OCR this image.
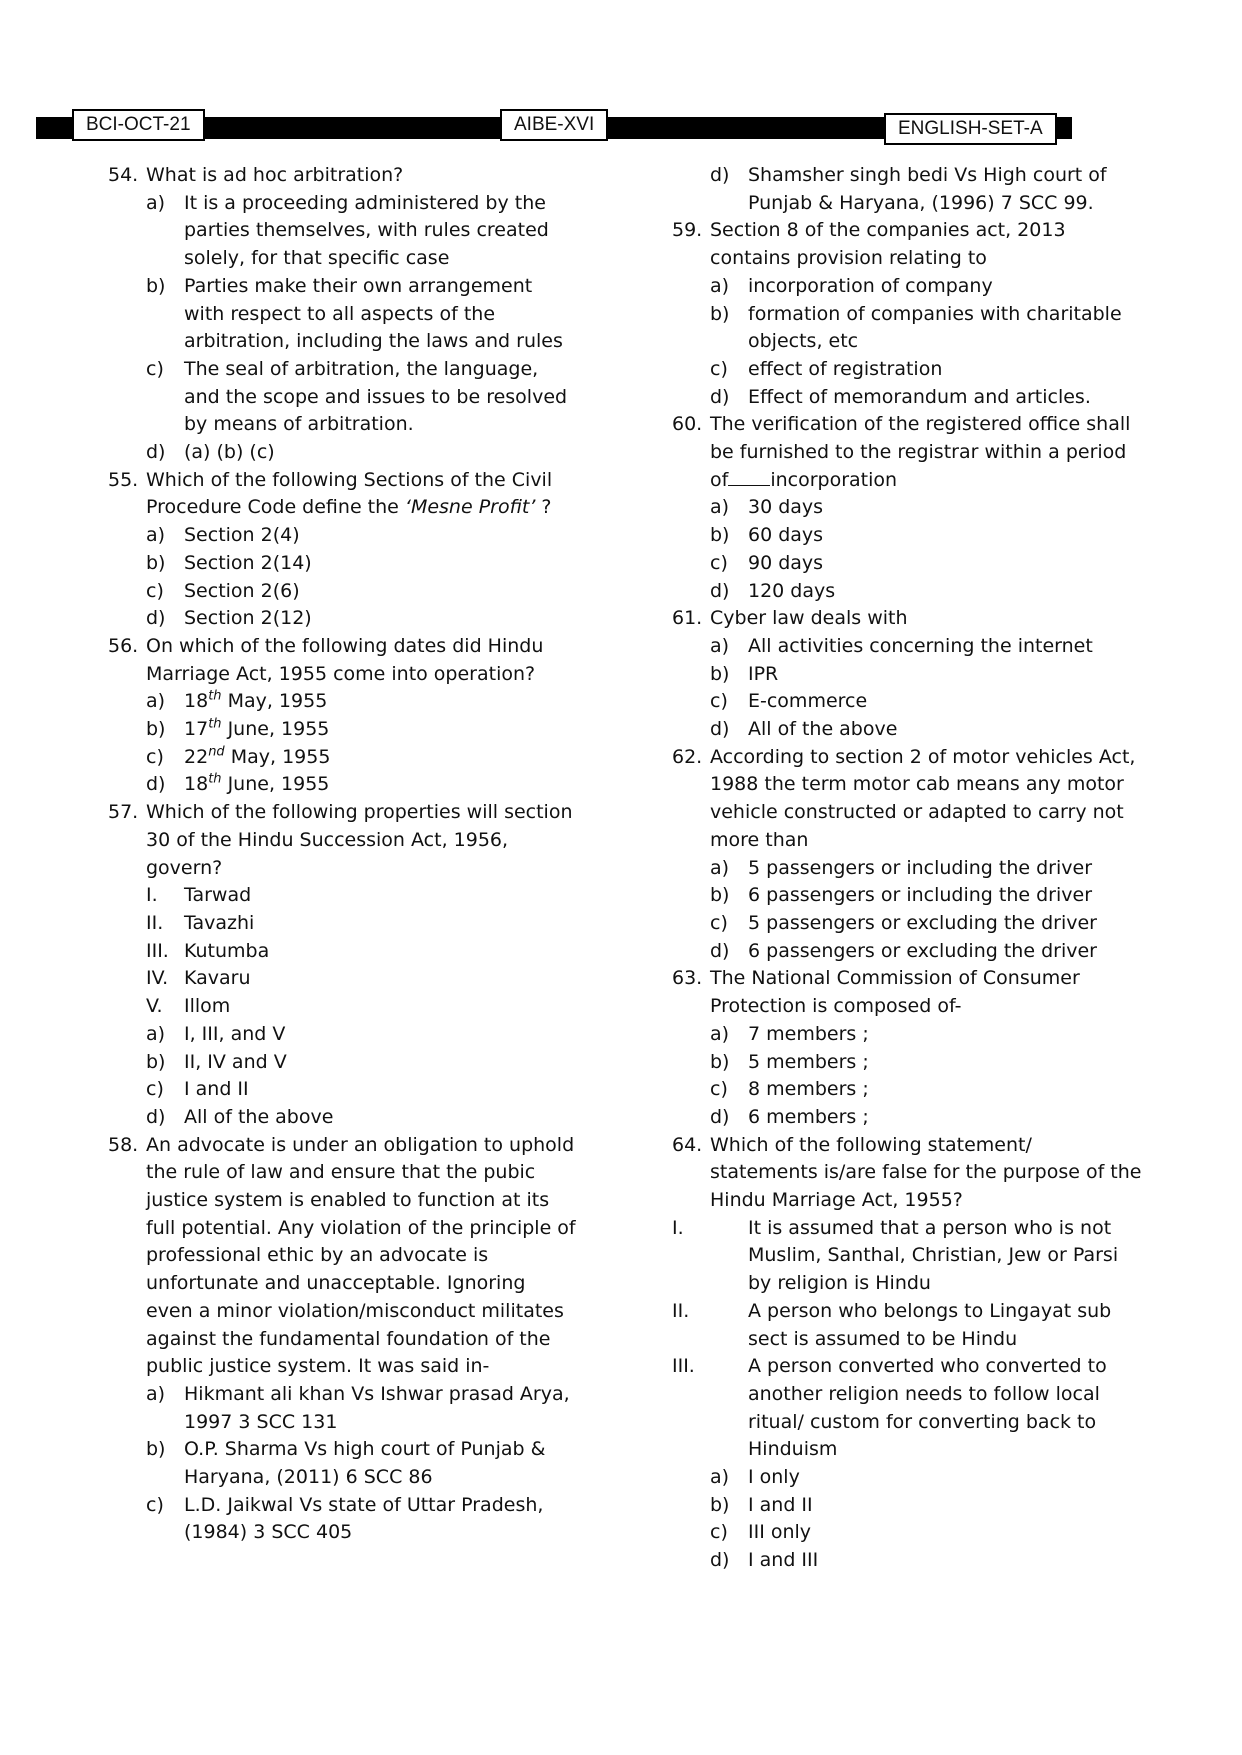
BCI-OCT-21	AIBE-XVI	ENGLISH-SET-A
54. What is ad hoc arbitration?
a) It is a proceeding administered by the parties themselves, with rules created solely, for that specific case
b) Parties make their own arrangement with respect to all aspects of the arbitration, including the laws and rules
c)	The seal of arbitration, the language, and the scope and issues to be resolved by means of arbitration.
d) (a) (b) (c)
55. Which of the following Sections of the Civil Procedure Code define the ‘Mesne Profit’ ?
a) Section 2(4)
b) Section 2(14)
c)	Section 2(6)
d) Section 2(12)
56. On which of the following dates did Hindu Marriage Act, 1955 come into operation?
a) 18th May, 1955
b) 17th June, 1955
c)	22nd May, 1955
d) 18th June, 1955
57. Which of the following properties will section 30 of the Hindu Succession Act, 1956, govern?
I.	Tarwad
II.	Tavazhi
III. Kutumba
IV. Kavaru
V.	Illom
a) I, III, and V
b) II, IV and V
c)	I and II
d) All of the above
58. An advocate is under an obligation to uphold the rule of law and ensure that the pubic justice system is enabled to function at its full potential. Any violation of the principle of professional ethic by an advocate is unfortunate and unacceptable. Ignoring even a minor violation/misconduct militates against the fundamental foundation of the public justice system. It was said in-
a) Hikmant ali khan Vs Ishwar prasad Arya, 1997 3 SCC 131
b) O.P. Sharma Vs high court of Punjab & Haryana, (2011) 6 SCC 86
c)	L.D. Jaikwal Vs state of Uttar Pradesh, (1984) 3 SCC 405
d) Shamsher singh bedi Vs High court of Punjab & Haryana, (1996) 7 SCC 99.
59. Section 8 of the companies act, 2013 contains provision relating to
a) incorporation of company
b) formation of companies with charitable objects, etc
c)	effect of registration
d) Effect of memorandum and articles.
60. The verification of the registered office shall be furnished to the registrar within a period of incorporation
a) 30 days
b) 60 days
c)	90 days
d) 120 days
61. Cyber law deals with
a) All activities concerning the internet
b) IPR
c)	E-commerce
d) All of the above
62. According to section 2 of motor vehicles Act, 1988 the term motor cab means any motor vehicle constructed or adapted to carry not more than
a) 5 passengers or including the driver
b) 6 passengers or including the driver
c)	5 passengers or excluding the driver
d) 6 passengers or excluding the driver
63. The National Commission of Consumer Protection is composed of-
a) 7 members ;
b) 5 members ;
c)	8 members ;
d) 6 members ;
64. Which of the following statement/ statements is/are false for the purpose of the Hindu Marriage Act, 1955?
I.	It is assumed that a person who is not Muslim, Santhal, Christian, Jew or Parsi by religion is Hindu
II.	A person who belongs to Lingayat sub sect is assumed to be Hindu
III.	A person converted who converted to another religion needs to follow local ritual/ custom for converting back to Hinduism
a) I only
b) I and II
c)	III only
d) I and III
